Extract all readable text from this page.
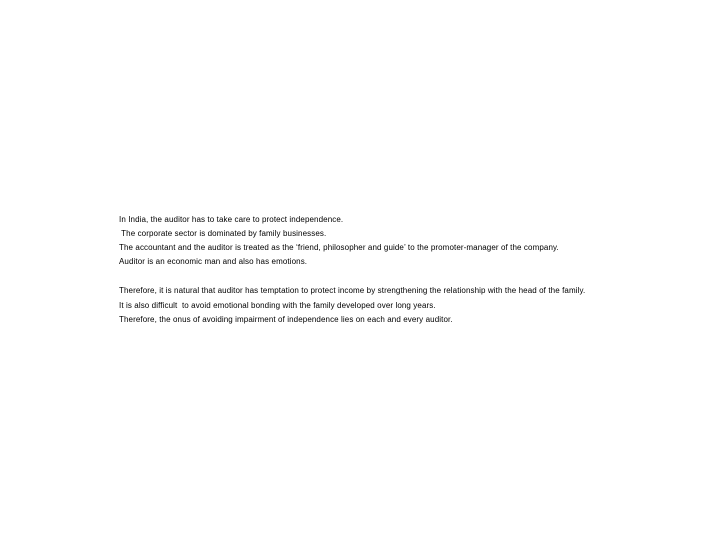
In India, the auditor has to take care to protect independence.
The corporate sector is dominated by family businesses.
The accountant and the auditor is treated as the ‘friend, philosopher and guide’ to the promoter-manager of the company.
Auditor is an economic man and also has emotions.
Therefore, it is natural that auditor has temptation to protect income by strengthening the relationship with the head of the family.
It is also difficult  to avoid emotional bonding with the family developed over long years.
Therefore, the onus of avoiding impairment of independence lies on each and every auditor.
